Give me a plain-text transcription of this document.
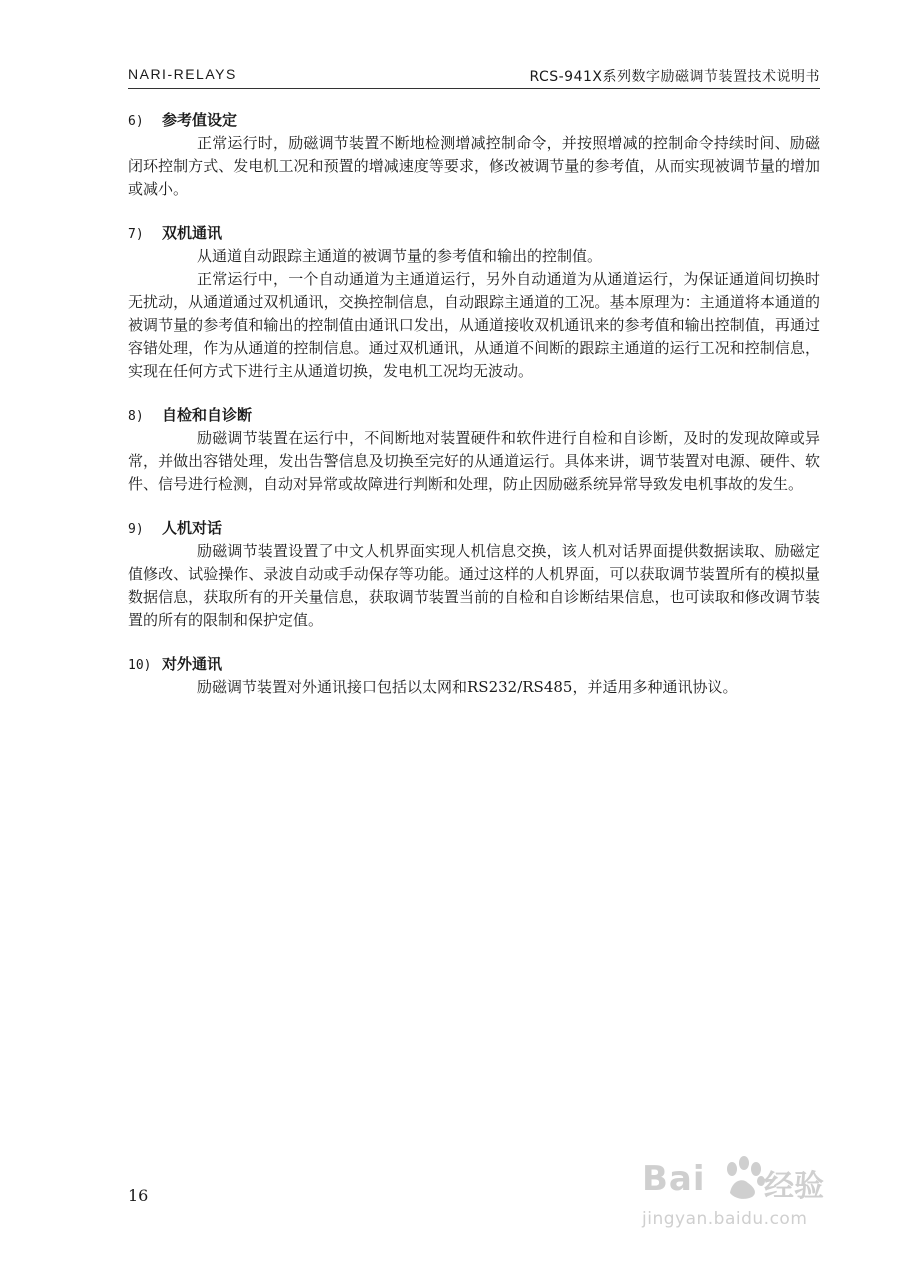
NARI-RELAYS	RCS-941X系列数字励磁调节装置技术说明书
6) 参考值设定

正常运行时，励磁调节装置不断地检测增减控制命令，并按照增减的控制命令持续时间、励磁闭环控制方式、发电机工况和预置的增减速度等要求，修改被调节量的参考值，从而实现被调节量的增加或减小。

7) 双机通讯

从通道自动跟踪主通道的被调节量的参考值和输出的控制值。

正常运行中，一个自动通道为主通道运行，另外自动通道为从通道运行，为保证通道间切换时无扰动，从通道通过双机通讯，交换控制信息，自动跟踪主通道的工况。基本原理为：主通道将本通道的被调节量的参考值和输出的控制值由通讯口发出，从通道接收双机通讯来的参考值和输出控制值，再通过容错处理，作为从通道的控制信息。通过双机通讯，从通道不间断的跟踪主通道的运行工况和控制信息，实现在任何方式下进行主从通道切换，发电机工况均无波动。

8) 自检和自诊断

励磁调节装置在运行中，不间断地对装置硬件和软件进行自检和自诊断，及时的发现故障或异常，并做出容错处理，发出告警信息及切换至完好的从通道运行。具体来讲，调节装置对电源、硬件、软件、信号进行检测，自动对异常或故障进行判断和处理，防止因励磁系统异常导致发电机事故的发生。

9) 人机对话

励磁调节装置设置了中文人机界面实现人机信息交换，该人机对话界面提供数据读取、励磁定值修改、试验操作、录波自动或手动保存等功能。通过这样的人机界面，可以获取调节装置所有的模拟量数据信息，获取所有的开关量信息，获取调节装置当前的自检和自诊断结果信息，也可读取和修改调节装置的所有的限制和保护定值。

10) 对外通讯

励磁调节装置对外通讯接口包括以太网和RS232/RS485，并适用多种通讯协议。

16	Bai 经验
jingyan.baidu.com
